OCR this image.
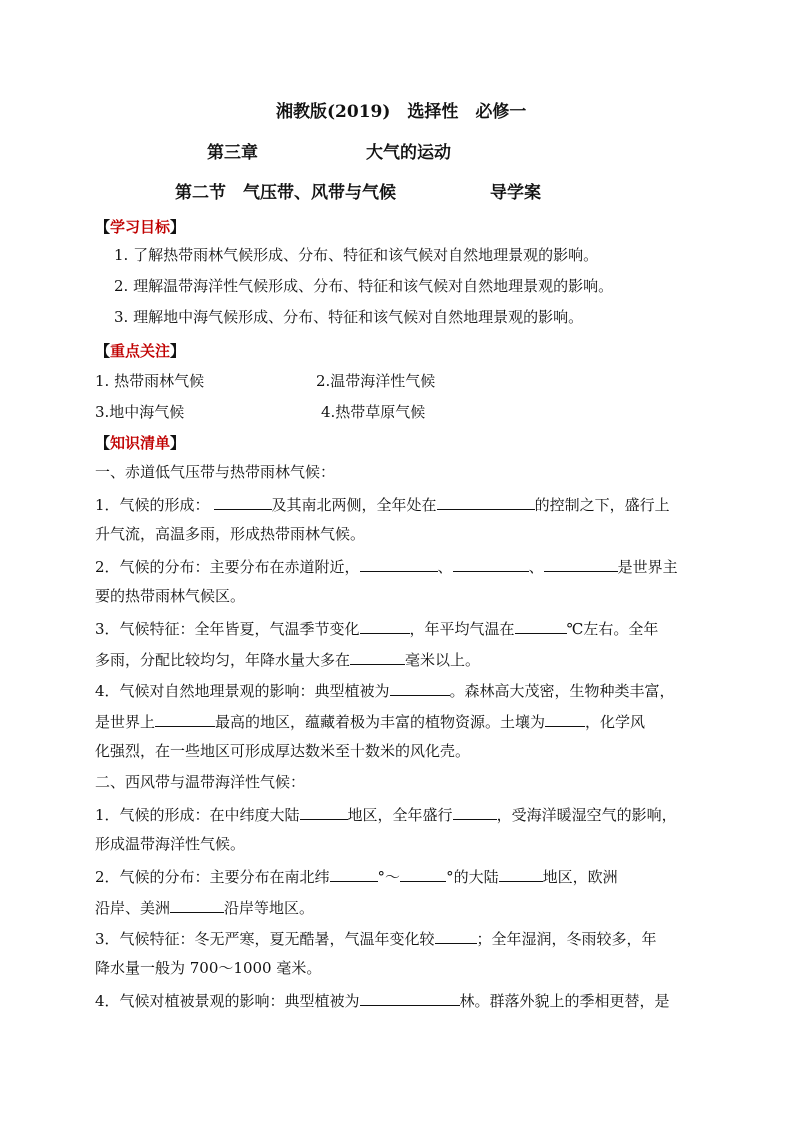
湘教版(2019)　选择性　必修一
第三章	大气的运动
第二节　气压带、风带与气候	导学案
【学习目标】
1. 了解热带雨林气候形成、分布、特征和该气候对自然地理景观的影响。
2. 理解温带海洋性气候形成、分布、特征和该气候对自然地理景观的影响。
3. 理解地中海气候形成、分布、特征和该气候对自然地理景观的影响。
【重点关注】
1. 热带雨林气候	2.温带海洋性气候
3.地中海气候	4.热带草原气候
【知识清单】
一、赤道低气压带与热带雨林气候：
1．气候的形成：	及其南北两侧，全年处在	的控制之下，盛行上
升气流，高温多雨，形成热带雨林气候。
2．气候的分布：主要分布在赤道附近，	、	、	是世界主
要的热带雨林气候区。
3．气候特征：全年皆夏，气温季节变化	，年平均气温在	℃左右。全年
多雨，分配比较均匀，年降水量大多在	毫米以上。
4．气候对自然地理景观的影响：典型植被为	。森林高大茂密，生物种类丰富，
是世界上	最高的地区，蕴藏着极为丰富的植物资源。土壤为	，化学风
化强烈，在一些地区可形成厚达数米至十数米的风化壳。
二、西风带与温带海洋性气候：
1．气候的形成：在中纬度大陆	地区，全年盛行	，受海洋暖湿空气的影响，
形成温带海洋性气候。
2．气候的分布：主要分布在南北纬	°～	°的大陆	地区，欧洲
沿岸、美洲	沿岸等地区。
3．气候特征：冬无严寒，夏无酷暑，气温年变化较	；全年湿润，冬雨较多，年
降水量一般为 700～1000 毫米。
4．气候对植被景观的影响：典型植被为	林。群落外貌上的季相更替，是
